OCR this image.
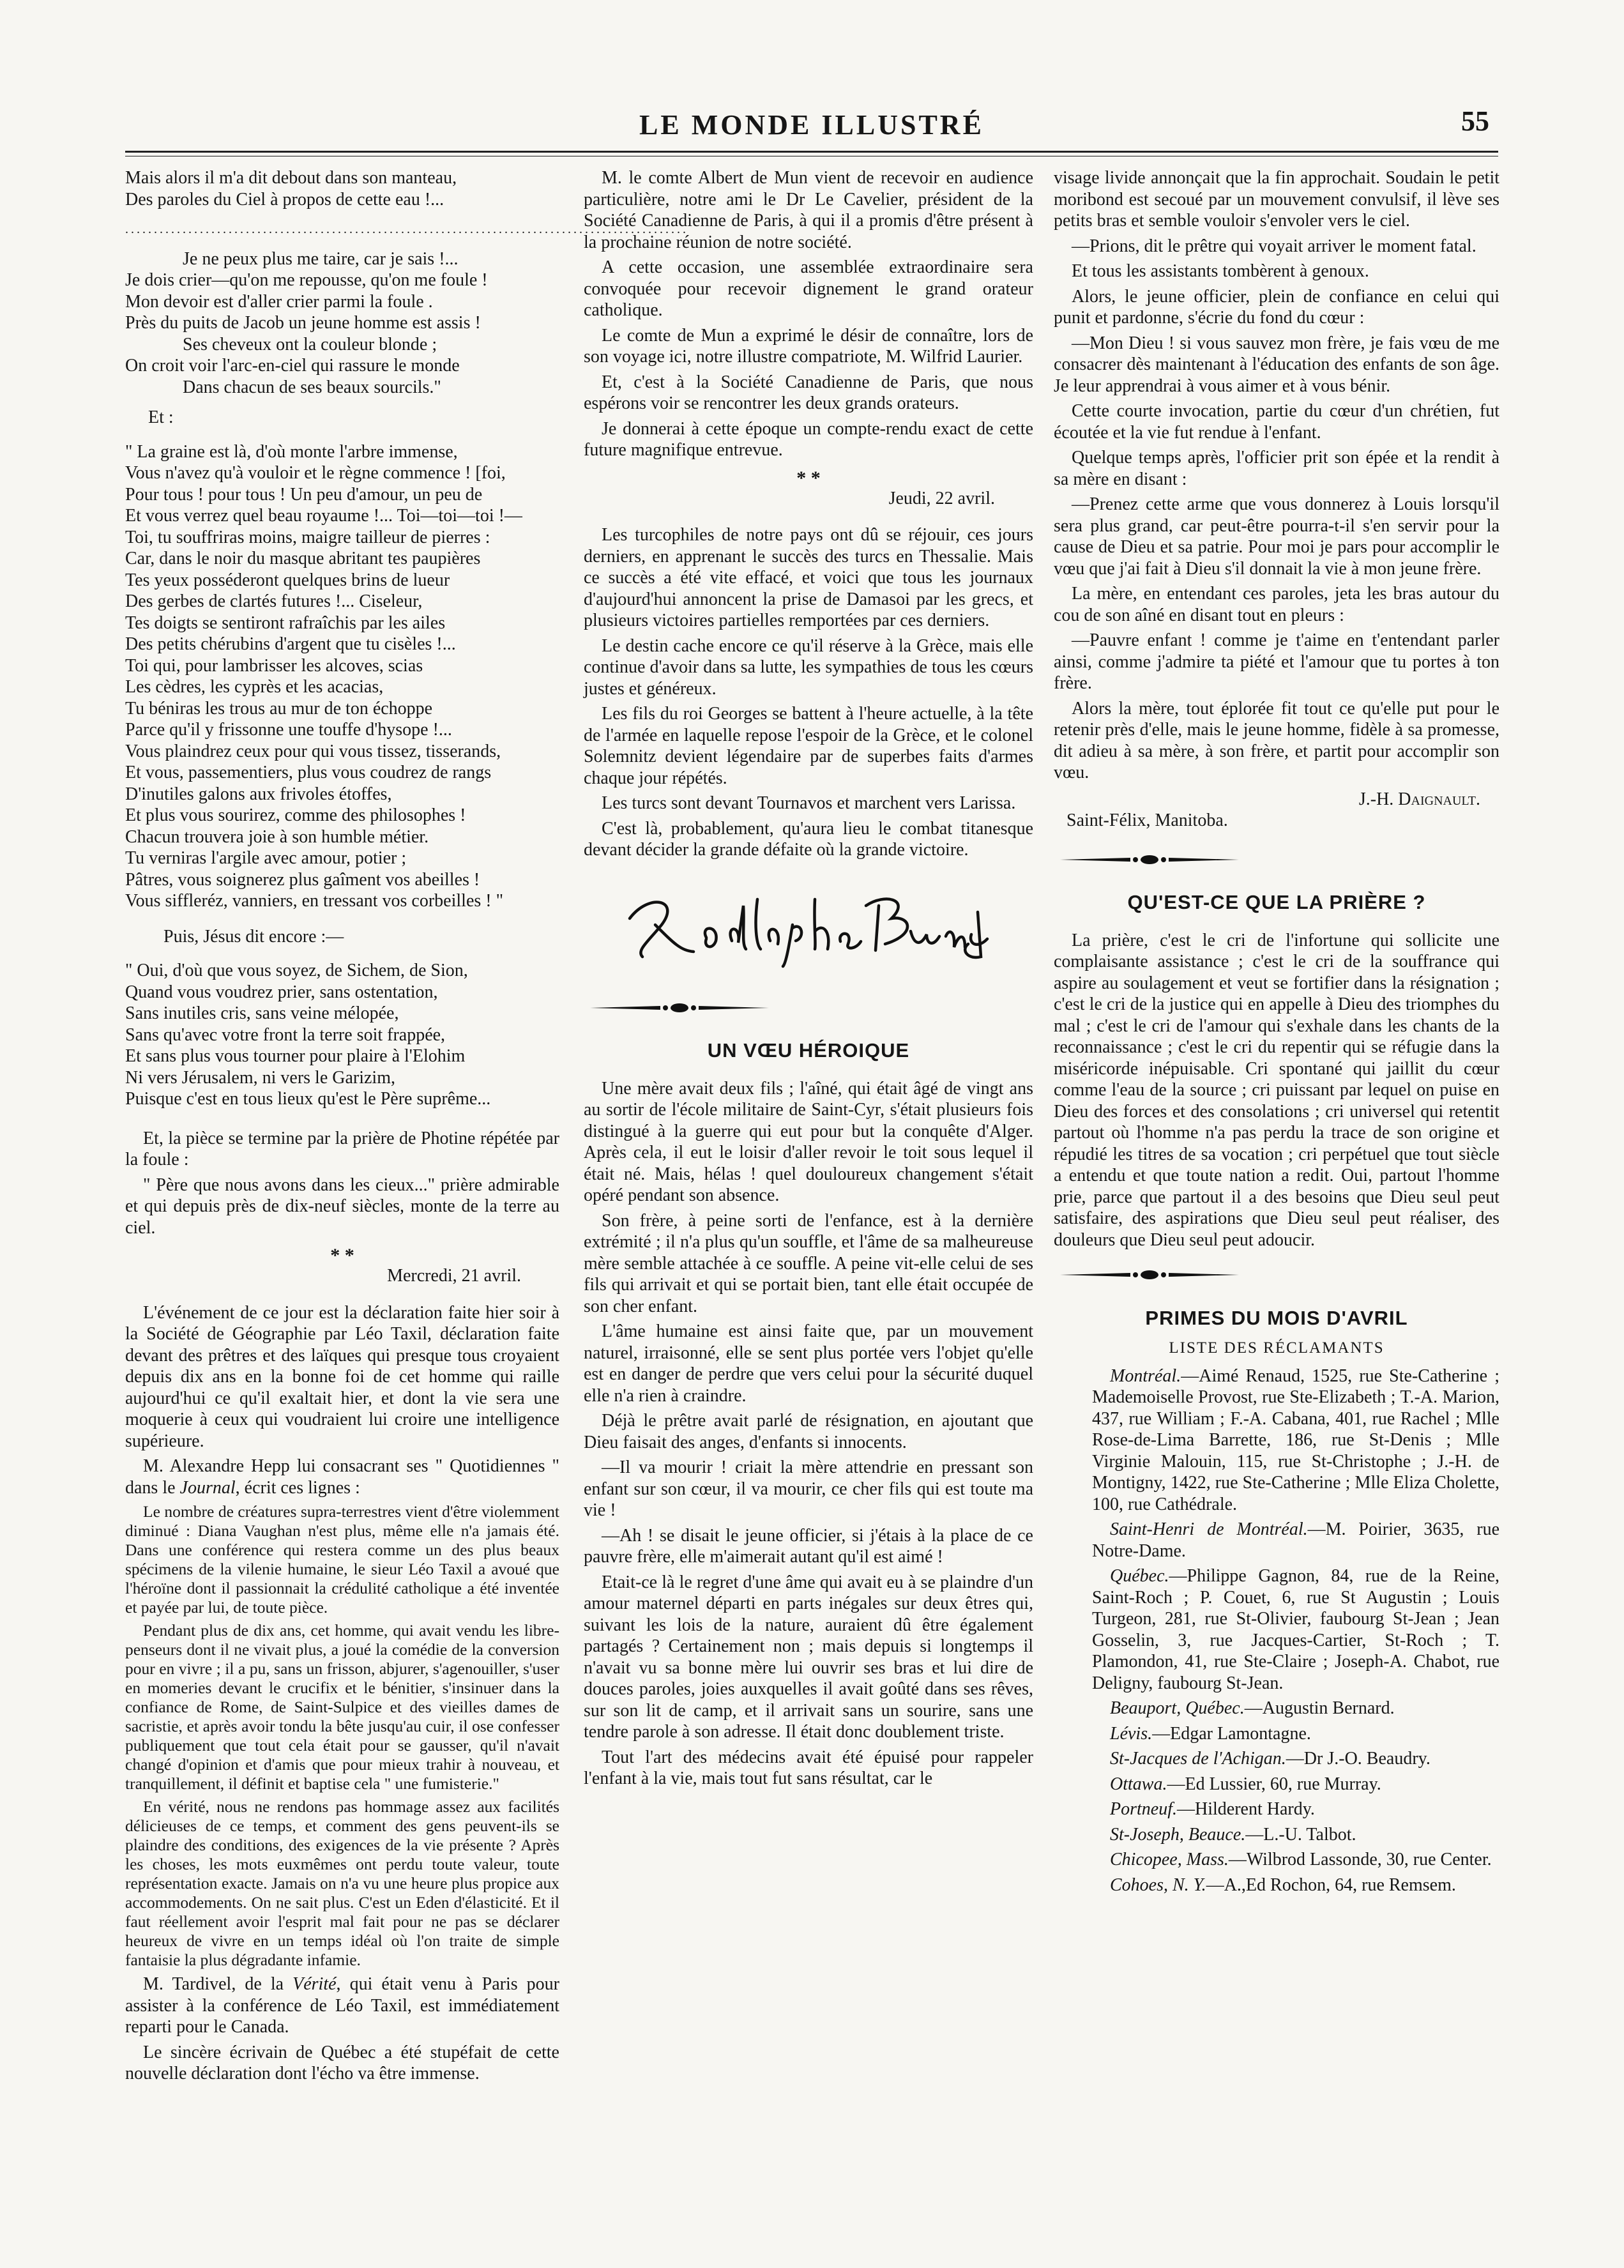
LE MONDE ILLUSTRÉ	55
Mais alors il m'a dit debout dans son manteau,
Des paroles du Ciel à propos de cette eau !...
..................................................................................................
Je ne peux plus me taire, car je sais !...
Je dois crier—qu'on me repousse, qu'on me foule !
Mon devoir est d'aller crier parmi la foule .
Près du puits de Jacob un jeune homme est assis !
Ses cheveux ont la couleur blonde ;
On croit voir l'arc-en-ciel qui rassure le monde
Dans chacun de ses beaux sourcils."

Et :

" La graine est là, d'où monte l'arbre immense,
Vous n'avez qu'à vouloir et le règne commence ! [foi,
Pour tous ! pour tous ! Un peu d'amour, un peu de
Et vous verrez quel beau royaume !... Toi—toi—toi !—
Toi, tu souffriras moins, maigre tailleur de pierres :
Car, dans le noir du masque abritant tes paupières
Tes yeux posséderont quelques brins de lueur
Des gerbes de clartés futures !... Ciseleur,
Tes doigts se sentiront rafraîchis par les ailes
Des petits chérubins d'argent que tu cisèles !...
Toi qui, pour lambrisser les alcoves, scias
Les cèdres, les cyprès et les acacias,
Tu béniras les trous au mur de ton échoppe
Parce qu'il y frissonne une touffe d'hysope !...
Vous plaindrez ceux pour qui vous tissez, tisserands,
Et vous, passementiers, plus vous coudrez de rangs
D'inutiles galons aux frivoles étoffes,
Et plus vous sourirez, comme des philosophes !
Chacun trouvera joie à son humble métier.
Tu verniras l'argile avec amour, potier ;
Pâtres, vous soignerez plus gaîment vos abeilles !
Vous siffleréz, vanniers, en tressant vos corbeilles ! "

Puis, Jésus dit encore :—

" Oui, d'où que vous soyez, de Sichem, de Sion,
Quand vous voudrez prier, sans ostentation,
Sans inutiles cris, sans veine mélopée,
Sans qu'avec votre front la terre soit frappée,
Et sans plus vous tourner pour plaire à l'Elohim
Ni vers Jérusalem, ni vers le Garizim,
Puisque c'est en tous lieux qu'est le Père suprême...

Et, la pièce se termine par la prière de Photine répétée par la foule :

" Père que nous avons dans les cieux..." prière admirable et qui depuis près de dix-neuf siècles, monte de la terre au ciel.

* *
Mercredi, 21 avril.

L'événement de ce jour est la déclaration faite hier soir à la Société de Géographie par Léo Taxil, déclaration faite devant des prêtres et des laïques qui presque tous croyaient depuis dix ans en la bonne foi de cet homme qui raille aujourd'hui ce qu'il exaltait hier, et dont la vie sera une moquerie à ceux qui voudraient lui croire une intelligence supérieure.

M. Alexandre Hepp lui consacrant ses " Quotidiennes " dans le Journal, écrit ces lignes :

Le nombre de créatures supra-terrestres vient d'être violemment diminué : Diana Vaughan n'est plus, même elle n'a jamais été. Dans une conférence qui restera comme un des plus beaux spécimens de la vilenie humaine, le sieur Léo Taxil a avoué que l'héroïne dont il passionnait la crédulité catholique a été inventée et payée par lui, de toute pièce.

Pendant plus de dix ans, cet homme, qui avait vendu les libre-penseurs dont il ne vivait plus, a joué la comédie de la conversion pour en vivre ; il a pu, sans un frisson, abjurer, s'agenouiller, s'user en momeries devant le crucifix et le bénitier, s'insinuer dans la confiance de Rome, de Saint-Sulpice et des vieilles dames de sacristie, et après avoir tondu la bête jusqu'au cuir, il ose confesser publiquement que tout cela était pour se gausser, qu'il n'avait changé d'opinion et d'amis que pour mieux trahir à nouveau, et tranquillement, il définit et baptise cela " une fumisterie."

En vérité, nous ne rendons pas hommage assez aux facilités délicieuses de ce temps, et comment des gens peuvent-ils se plaindre des conditions, des exigences de la vie présente ? Après les choses, les mots euxmêmes ont perdu toute valeur, toute représentation exacte. Jamais on n'a vu une heure plus propice aux accommodements. On ne sait plus. C'est un Eden d'élasticité. Et il faut réellement avoir l'esprit mal fait pour ne pas se déclarer heureux de vivre en un temps idéal où l'on traite de simple fantaisie la plus dégradante infamie.

M. Tardivel, de la Vérité, qui était venu à Paris pour assister à la conférence de Léo Taxil, est immédiatement reparti pour le Canada.

Le sincère écrivain de Québec a été stupéfait de cette nouvelle déclaration dont l'écho va être immense.

M. le comte Albert de Mun vient de recevoir en audience particulière, notre ami le Dr Le Cavelier, président de la Société Canadienne de Paris, à qui il a promis d'être présent à la prochaine réunion de notre société.

A cette occasion, une assemblée extraordinaire sera convoquée pour recevoir dignement le grand orateur catholique.

Le comte de Mun a exprimé le désir de connaître, lors de son voyage ici, notre illustre compatriote, M. Wilfrid Laurier.

Et, c'est à la Société Canadienne de Paris, que nous espérons voir se rencontrer les deux grands orateurs.

Je donnerai à cette époque un compte-rendu exact de cette future magnifique entrevue.

* *
Jeudi, 22 avril.

Les turcophiles de notre pays ont dû se réjouir, ces jours derniers, en apprenant le succès des turcs en Thessalie. Mais ce succès a été vite effacé, et voici que tous les journaux d'aujourd'hui annoncent la prise de Damasoi par les grecs, et plusieurs victoires partielles remportées par ces derniers.

Le destin cache encore ce qu'il réserve à la Grèce, mais elle continue d'avoir dans sa lutte, les sympathies de tous les cœurs justes et généreux.

Les fils du roi Georges se battent à l'heure actuelle, à la tête de l'armée en laquelle repose l'espoir de la Grèce, et le colonel Solemnitz devient légendaire par de superbes faits d'armes chaque jour répétés.

Les turcs sont devant Tournavos et marchent vers Larissa.

C'est là, probablement, qu'aura lieu le combat titanesque devant décider la grande défaite où la grande victoire.

UN VŒU HÉROIQUE

Une mère avait deux fils ; l'aîné, qui était âgé de vingt ans au sortir de l'école militaire de Saint-Cyr, s'était plusieurs fois distingué à la guerre qui eut pour but la conquête d'Alger. Après cela, il eut le loisir d'aller revoir le toit sous lequel il était né. Mais, hélas ! quel douloureux changement s'était opéré pendant son absence.

Son frère, à peine sorti de l'enfance, est à la dernière extrémité ; il n'a plus qu'un souffle, et l'âme de sa malheureuse mère semble attachée à ce souffle. A peine vit-elle celui de ses fils qui arrivait et qui se portait bien, tant elle était occupée de son cher enfant.

L'âme humaine est ainsi faite que, par un mouvement naturel, irraisonné, elle se sent plus portée vers l'objet qu'elle est en danger de perdre que vers celui pour la sécurité duquel elle n'a rien à craindre.

Déjà le prêtre avait parlé de résignation, en ajoutant que Dieu faisait des anges, d'enfants si innocents.

—Il va mourir ! criait la mère attendrie en pressant son enfant sur son cœur, il va mourir, ce cher fils qui est toute ma vie !

—Ah ! se disait le jeune officier, si j'étais à la place de ce pauvre frère, elle m'aimerait autant qu'il est aimé !

Etait-ce là le regret d'une âme qui avait eu à se plaindre d'un amour maternel départi en parts inégales sur deux êtres qui, suivant les lois de la nature, auraient dû être également partagés ? Certainement non ; mais depuis si longtemps il n'avait vu sa bonne mère lui ouvrir ses bras et lui dire de douces paroles, joies auxquelles il avait goûté dans ses rêves, sur son lit de camp, et il arrivait sans un sourire, sans une tendre parole à son adresse. Il était donc doublement triste.

Tout l'art des médecins avait été épuisé pour rappeler l'enfant à la vie, mais tout fut sans résultat, car le

visage livide annonçait que la fin approchait. Soudain le petit moribond est secoué par un mouvement convulsif, il lève ses petits bras et semble vouloir s'envoler vers le ciel.

—Prions, dit le prêtre qui voyait arriver le moment fatal.

Et tous les assistants tombèrent à genoux.

Alors, le jeune officier, plein de confiance en celui qui punit et pardonne, s'écrie du fond du cœur :

—Mon Dieu ! si vous sauvez mon frère, je fais vœu de me consacrer dès maintenant à l'éducation des enfants de son âge. Je leur apprendrai à vous aimer et à vous bénir.

Cette courte invocation, partie du cœur d'un chrétien, fut écoutée et la vie fut rendue à l'enfant.

Quelque temps après, l'officier prit son épée et la rendit à sa mère en disant :

—Prenez cette arme que vous donnerez à Louis lorsqu'il sera plus grand, car peut-être pourra-t-il s'en servir pour la cause de Dieu et sa patrie. Pour moi je pars pour accomplir le vœu que j'ai fait à Dieu s'il donnait la vie à mon jeune frère.

La mère, en entendant ces paroles, jeta les bras autour du cou de son aîné en disant tout en pleurs :

—Pauvre enfant ! comme je t'aime en t'entendant parler ainsi, comme j'admire ta piété et l'amour que tu portes à ton frère.

Alors la mère, tout éplorée fit tout ce qu'elle put pour le retenir près d'elle, mais le jeune homme, fidèle à sa promesse, dit adieu à sa mère, à son frère, et partit pour accomplir son vœu.

J.-H. Daignault.
Saint-Félix, Manitoba.
QU'EST-CE QUE LA PRIÈRE ?

La prière, c'est le cri de l'infortune qui sollicite une complaisante assistance ; c'est le cri de la souffrance qui aspire au soulagement et veut se fortifier dans la résignation ; c'est le cri de la justice qui en appelle à Dieu des triomphes du mal ; c'est le cri de l'amour qui s'exhale dans les chants de la reconnaissance ; c'est le cri du repentir qui se réfugie dans la miséricorde inépuisable. Cri spontané qui jaillit du cœur comme l'eau de la source ; cri puissant par lequel on puise en Dieu des forces et des consolations ; cri universel qui retentit partout où l'homme n'a pas perdu la trace de son origine et répudié les titres de sa vocation ; cri perpétuel que tout siècle a entendu et que toute nation a redit. Oui, partout l'homme prie, parce que partout il a des besoins que Dieu seul peut satisfaire, des aspirations que Dieu seul peut réaliser, des douleurs que Dieu seul peut adoucir.

PRIMES DU MOIS D'AVRIL
LISTE DES RÉCLAMANTS

Montréal.—Aimé Renaud, 1525, rue Ste-Catherine ; Mademoiselle Provost, rue Ste-Elizabeth ; T.-A. Marion, 437, rue William ; F.-A. Cabana, 401, rue Rachel ; Mlle Rose-de-Lima Barrette, 186, rue St-Denis ; Mlle Virginie Malouin, 115, rue St-Christophe ; J.-H. de Montigny, 1422, rue Ste-Catherine ; Mlle Eliza Cholette, 100, rue Cathédrale.

Saint-Henri de Montréal.—M. Poirier, 3635, rue Notre-Dame.

Québec.—Philippe Gagnon, 84, rue de la Reine, Saint-Roch ; P. Couet, 6, rue St Augustin ; Louis Turgeon, 281, rue St-Olivier, faubourg St-Jean ; Jean Gosselin, 3, rue Jacques-Cartier, St-Roch ; T. Plamondon, 41, rue Ste-Claire ; Joseph-A. Chabot, rue Deligny, faubourg St-Jean.

Beauport, Québec.—Augustin Bernard.

Lévis.—Edgar Lamontagne.

St-Jacques de l'Achigan.—Dr J.-O. Beaudry.

Ottawa.—Ed Lussier, 60, rue Murray.

Portneuf.—Hilderent Hardy.

St-Joseph, Beauce.—L.-U. Talbot.

Chicopee, Mass.—Wilbrod Lassonde, 30, rue Center.

Cohoes, N. Y.—A.,Ed Rochon, 64, rue Remsem.
